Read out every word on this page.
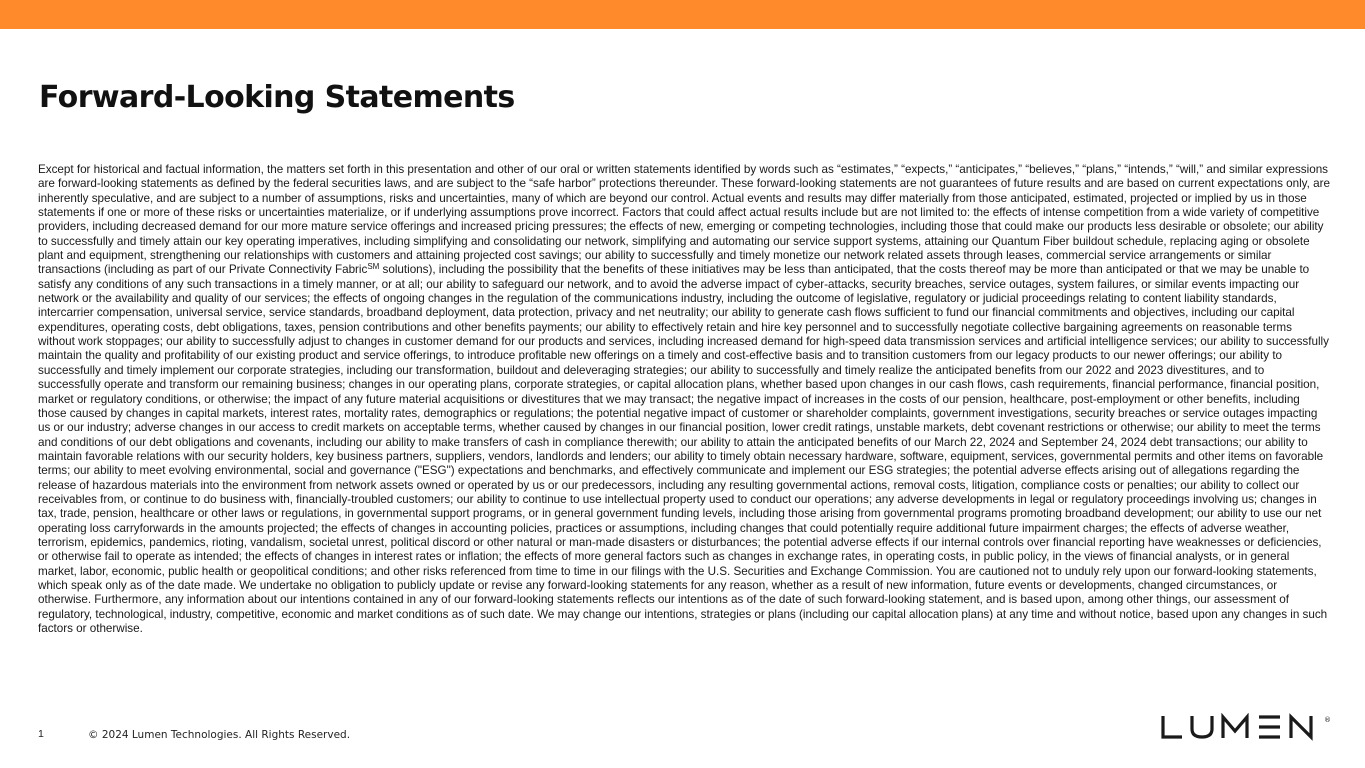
Forward-Looking Statements

Except for historical and factual information, the matters set forth in this presentation and other of our oral or written statements identified by words such as “estimates,” “expects,” “anticipates,” “believes,” “plans,” “intends,” “will,” and similar expressions are forward-looking statements as defined by the federal securities laws, and are subject to the “safe harbor” protections thereunder. These forward-looking statements are not guarantees of future results and are based on current expectations only, are inherently speculative, and are subject to a number of assumptions, risks and uncertainties, many of which are beyond our control. Actual events and results may differ materially from those anticipated, estimated, projected or implied by us in those statements if one or more of these risks or uncertainties materialize, or if underlying assumptions prove incorrect. Factors that could affect actual results include but are not limited to: the effects of intense competition from a wide variety of competitive providers, including decreased demand for our more mature service offerings and increased pricing pressures; the effects of new, emerging or competing technologies, including those that could make our products less desirable or obsolete; our ability to successfully and timely attain our key operating imperatives, including simplifying and consolidating our network, simplifying and automating our service support systems, attaining our Quantum Fiber buildout schedule, replacing aging or obsolete plant and equipment, strengthening our relationships with customers and attaining projected cost savings; our ability to successfully and timely monetize our network related assets through leases, commercial service arrangements or similar transactions (including as part of our Private Connectivity Fabric℠ solutions), including the possibility that the benefits of these initiatives may be less than anticipated, that the costs thereof may be more than anticipated or that we may be unable to satisfy any conditions of any such transactions in a timely manner, or at all; our ability to safeguard our network, and to avoid the adverse impact of cyber-attacks, security breaches, service outages, system failures, or similar events impacting our network or the availability and quality of our services; the effects of ongoing changes in the regulation of the communications industry, including the outcome of legislative, regulatory or judicial proceedings relating to content liability standards, intercarrier compensation, universal service, service standards, broadband deployment, data protection, privacy and net neutrality; our ability to generate cash flows sufficient to fund our financial commitments and objectives, including our capital expenditures, operating costs, debt obligations, taxes, pension contributions and other benefits payments; our ability to effectively retain and hire key personnel and to successfully negotiate collective bargaining agreements on reasonable terms without work stoppages; our ability to successfully adjust to changes in customer demand for our products and services, including increased demand for high-speed data transmission services and artificial intelligence services; our ability to successfully maintain the quality and profitability of our existing product and service offerings, to introduce profitable new offerings on a timely and cost-effective basis and to transition customers from our legacy products to our newer offerings; our ability to successfully and timely implement our corporate strategies, including our transformation, buildout and deleveraging strategies; our ability to successfully and timely realize the anticipated benefits from our 2022 and 2023 divestitures, and to successfully operate and transform our remaining business; changes in our operating plans, corporate strategies, or capital allocation plans, whether based upon changes in our cash flows, cash requirements, financial performance, financial position, market or regulatory conditions, or otherwise; the impact of any future material acquisitions or divestitures that we may transact; the negative impact of increases in the costs of our pension, healthcare, post-employment or other benefits, including those caused by changes in capital markets, interest rates, mortality rates, demographics or regulations; the potential negative impact of customer or shareholder complaints, government investigations, security breaches or service outages impacting us or our industry; adverse changes in our access to credit markets on acceptable terms, whether caused by changes in our financial position, lower credit ratings, unstable markets, debt covenant restrictions or otherwise; our ability to meet the terms and conditions of our debt obligations and covenants, including our ability to make transfers of cash in compliance therewith; our ability to attain the anticipated benefits of our March 22, 2024 and September 24, 2024 debt transactions; our ability to maintain favorable relations with our security holders, key business partners, suppliers, vendors, landlords and lenders; our ability to timely obtain necessary hardware, software, equipment, services, governmental permits and other items on favorable terms; our ability to meet evolving environmental, social and governance ("ESG") expectations and benchmarks, and effectively communicate and implement our ESG strategies; the potential adverse effects arising out of allegations regarding the release of hazardous materials into the environment from network assets owned or operated by us or our predecessors, including any resulting governmental actions, removal costs, litigation, compliance costs or penalties; our ability to collect our receivables from, or continue to do business with, financially-troubled customers; our ability to continue to use intellectual property used to conduct our operations; any adverse developments in legal or regulatory proceedings involving us; changes in tax, trade, pension, healthcare or other laws or regulations, in governmental support programs, or in general government funding levels, including those arising from governmental programs promoting broadband development; our ability to use our net operating loss carryforwards in the amounts projected; the effects of changes in accounting policies, practices or assumptions, including changes that could potentially require additional future impairment charges; the effects of adverse weather, terrorism, epidemics, pandemics, rioting, vandalism, societal unrest, political discord or other natural or man-made disasters or disturbances; the potential adverse effects if our internal controls over financial reporting have weaknesses or deficiencies, or otherwise fail to operate as intended; the effects of changes in interest rates or inflation; the effects of more general factors such as changes in exchange rates, in operating costs, in public policy, in the views of financial analysts, or in general market, labor, economic, public health or geopolitical conditions; and other risks referenced from time to time in our filings with the U.S. Securities and Exchange Commission. You are cautioned not to unduly rely upon our forward-looking statements, which speak only as of the date made. We undertake no obligation to publicly update or revise any forward-looking statements for any reason, whether as a result of new information, future events or developments, changed circumstances, or otherwise. Furthermore, any information about our intentions contained in any of our forward-looking statements reflects our intentions as of the date of such forward-looking statement, and is based upon, among other things, our assessment of regulatory, technological, industry, competitive, economic and market conditions as of such date. We may change our intentions, strategies or plans (including our capital allocation plans) at any time and without notice, based upon any changes in such factors or otherwise.

1	© 2024 Lumen Technologies. All Rights Reserved.
®
